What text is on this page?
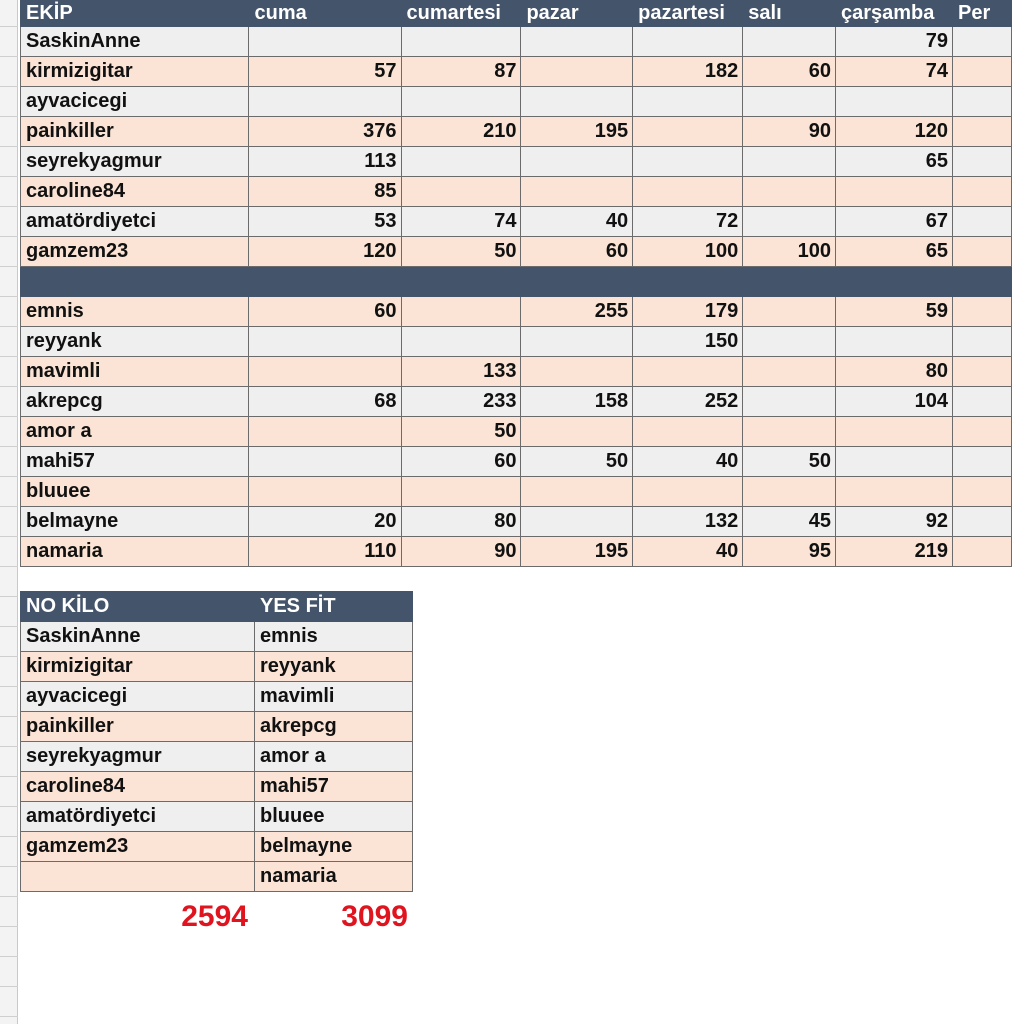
EKİP	cuma	cumartesi	pazar	pazartesi	salı	çarşamba	Per
SaskinAnne						79	
kirmizigitar	57	87		182	60	74	
ayvacicegi							
painkiller	376	210	195		90	120	
seyrekyagmur	113					65	
caroline84	85						
amatördiyetci	53	74	40	72		67	
gamzem23	120	50	60	100	100	65	

emnis	60		255	179		59	
reyyank				150			
mavimli		133				80	
akrepcg	68	233	158	252		104	
amor a		50					
mahi57		60	50	40	50		
bluuee							
belmayne	20	80		132	45	92	
namaria	110	90	195	40	95	219	
NO KİLO	YES FİT
SaskinAnne	emnis
kirmizigitar	reyyank
ayvacicegi	mavimli
painkiller	akrepcg
seyrekyagmur	amor a
caroline84	mahi57
amatördiyetci	bluuee
gamzem23	belmayne
	namaria
2594	3099
